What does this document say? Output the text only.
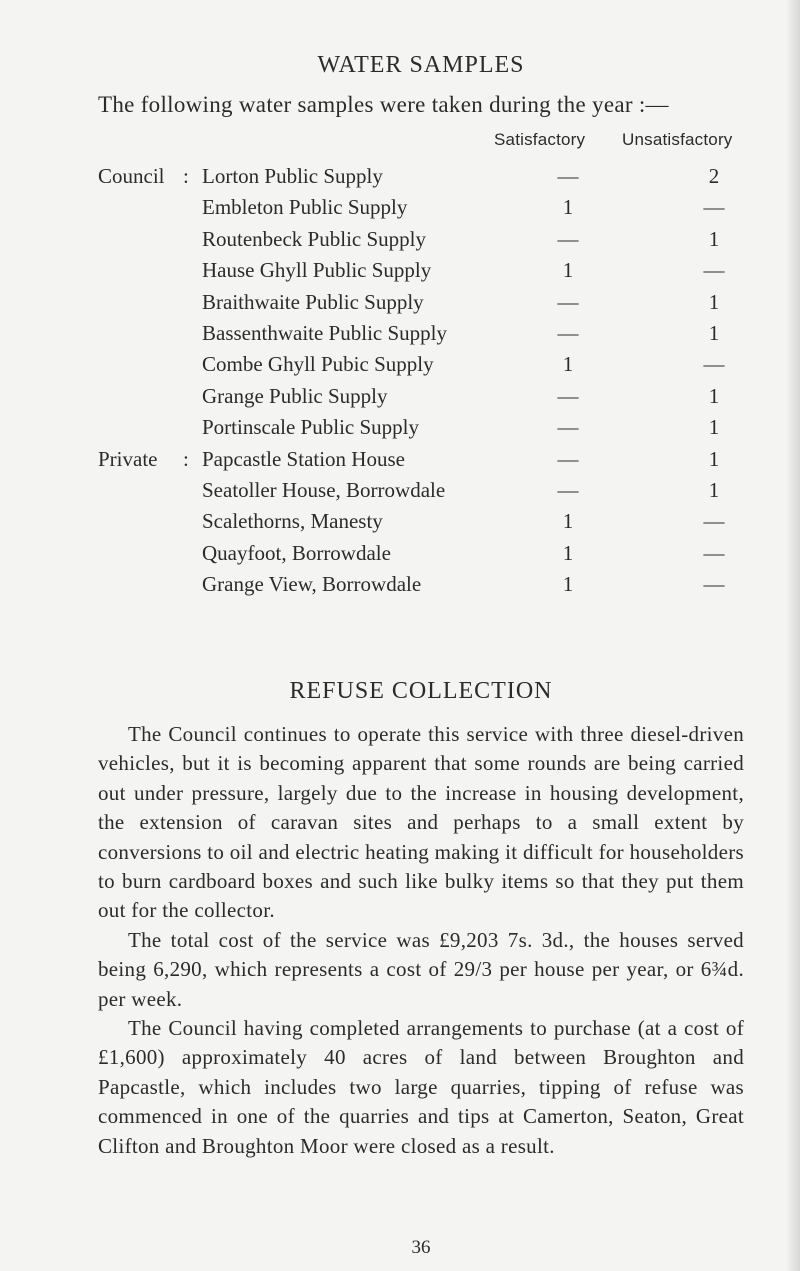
WATER SAMPLES
The following water samples were taken during the year :—
Satisfactory Unsatisfactory
Council : Lorton Public Supply	—	2
Embleton Public Supply	1	—
Routenbeck Public Supply	—	1
Hause Ghyll Public Supply	1	—
Braithwaite Public Supply	—	1
Bassenthwaite Public Supply	—	1
Combe Ghyll Pubic Supply	1	—
Grange Public Supply	—	1
Portinscale Public Supply	—	1
Private : Papcastle Station House	—	1
Seatoller House, Borrowdale	—	1
Scalethorns, Manesty	1	—
Quayfoot, Borrowdale	1	—
Grange View, Borrowdale	1	—
REFUSE COLLECTION

The Council continues to operate this service with three diesel-driven vehicles, but it is becoming apparent that some rounds are being carried out under pressure, largely due to the increase in housing development, the extension of caravan sites and perhaps to a small extent by conversions to oil and electric heating making it difficult for householders to burn cardboard boxes and such like bulky items so that they put them out for the collector.

The total cost of the service was £9,203 7s. 3d., the houses served being 6,290, which represents a cost of 29/3 per house per year, or 6¾d. per week.

The Council having completed arrangements to purchase (at a cost of £1,600) approximately 40 acres of land between Broughton and Papcastle, which includes two large quarries, tipping of refuse was commenced in one of the quarries and tips at Camerton, Seaton, Great Clifton and Broughton Moor were closed as a result.

36
